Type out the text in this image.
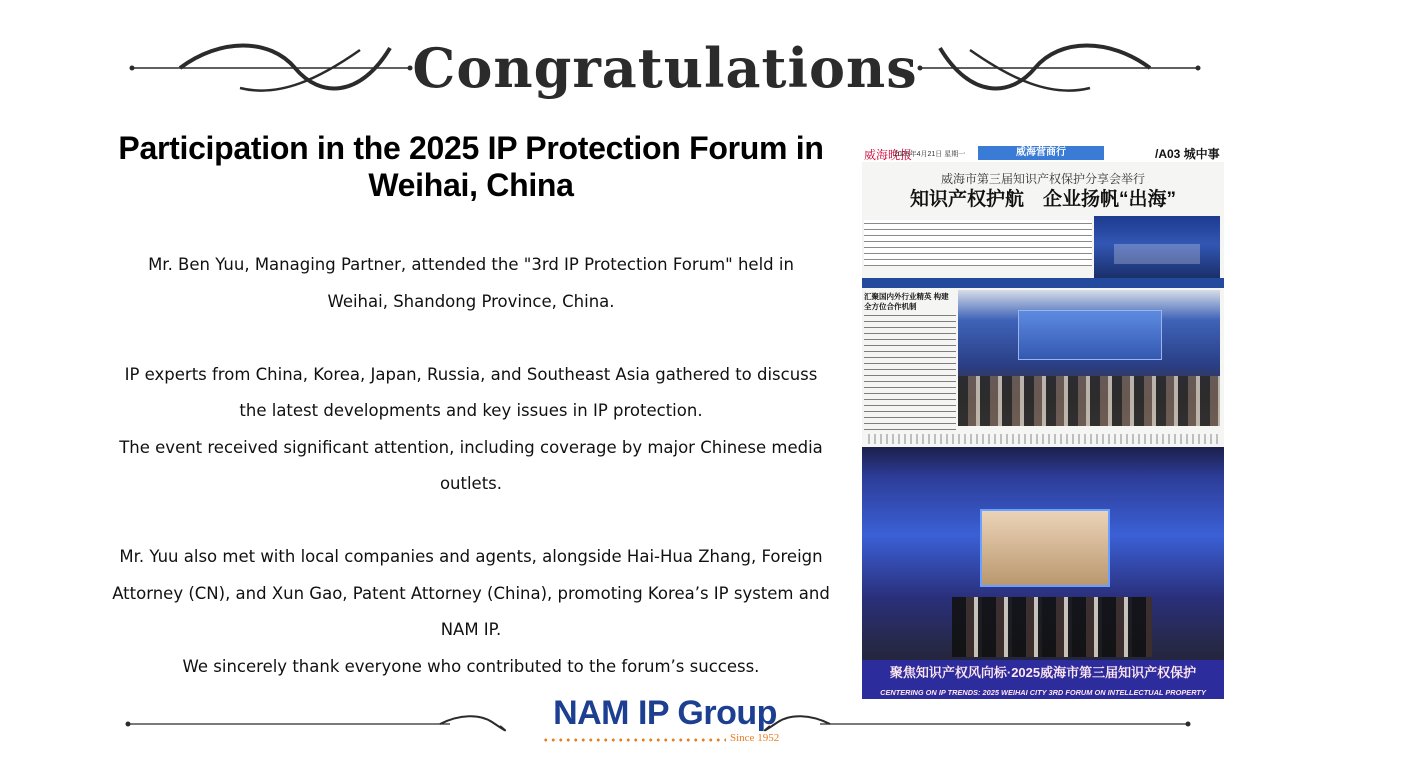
Congratulations
Participation in the 2025 IP Protection Forum in
Weihai, China

Mr. Ben Yuu, Managing Partner, attended the "3rd IP Protection Forum" held in Weihai, Shandong Province, China.

IP experts from China, Korea, Japan, Russia, and Southeast Asia gathered to discuss the latest developments and key issues in IP protection.

The event received significant attention, including coverage by major Chinese media outlets.

Mr. Yuu also met with local companies and agents, alongside Hai-Hua Zhang, Foreign Attorney (CN), and Xun Gao, Patent Attorney (China), promoting Korea’s IP system and NAM IP.

We sincerely thank everyone who contributed to the forum’s success.

威海晚报
2025年4月21日 星期一	威海营商行	/A03 城中事
威海市第三届知识产权保护分享会举行
知识产权护航　企业扬帆“出海”
汇聚国内外行业精英 构建全方位合作机制
聚焦知识产权风向标·2025威海市第三届知识产权保护
CENTERING ON IP TRENDS: 2025 WEIHAI CITY 3RD FORUM ON INTELLECTUAL PROPERTY
NAM IP Group
Since 1952
